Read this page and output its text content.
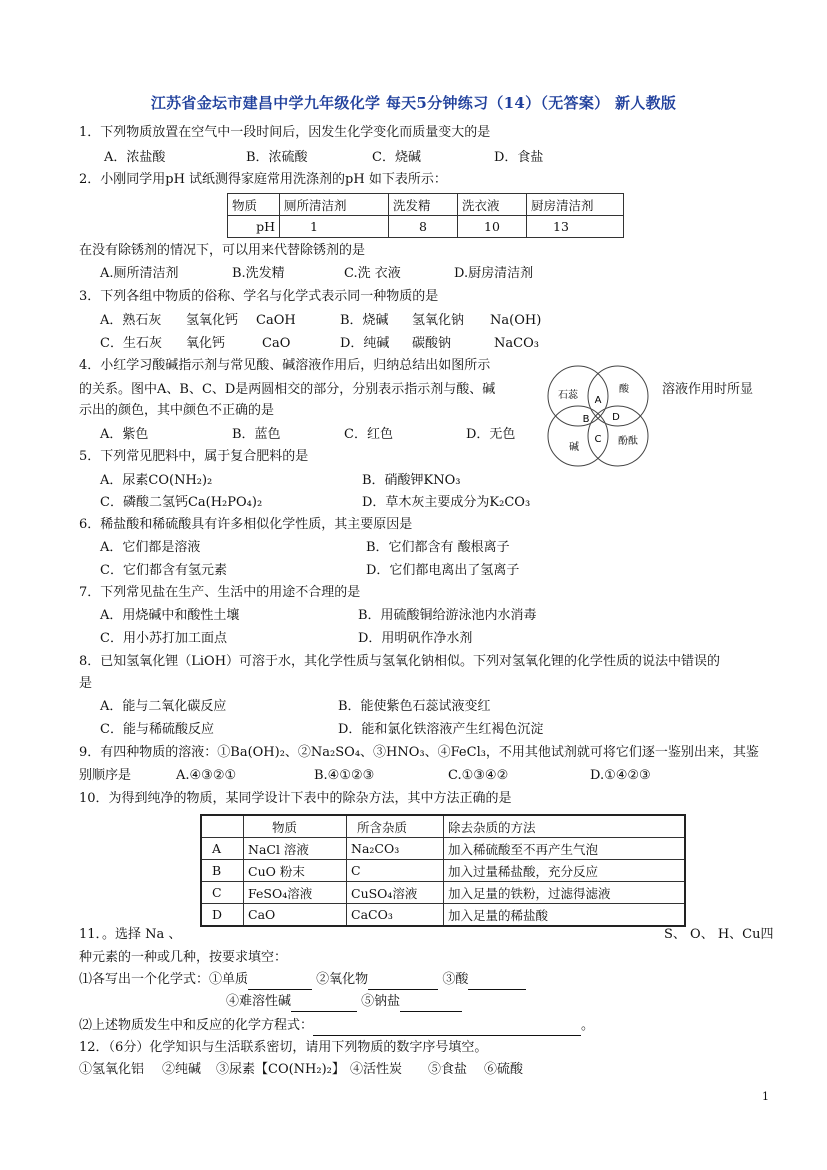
江苏省金坛市建昌中学九年级化学 每天5分钟练习（14）（无答案） 新人教版
1．下列物质放置在空气中一段时间后，因发生化学变化而质量变大的是
A．浓盐酸	B．浓硫酸	C．烧碱	D．食盐
2．小刚同学用pH 试纸测得家庭常用洗涤剂的pH 如下表所示：
物质	厕所清洁剂	洗发精	洗衣液	厨房清洁剂
pH	1	8	10	13
在没有除锈剂的情况下，可以用来代替除锈剂的是
A.厕所清洁剂	B.洗发精	C.洗 衣液	D.厨房清洁剂
3．下列各组中物质的俗称、学名与化学式表示同一种物质的是
A．熟石灰 氢氧化钙 CaOH	B．烧碱 氢氧化钠 Na(OH)
C．生石灰 氧化钙	CaO	D．纯碱 碳酸钠	NaCO₃
4．小红学习酸碱指示剂与常见酸、碱溶液作用后，归纳总结出如图所示
的关系。图中A、B、C、D是两圆相交的部分，分别表示指示剂与酸、碱	溶液作用时所显
示出的颜色，其中颜色不正确的是
A．紫色	B．蓝色	C．红色	D．无色
石蕊
酸
碱
酚酞
A
B
C
D
5．下列常见肥料中，属于复合肥料的是
A．尿素CO(NH₂)₂	B．硝酸钾KNO₃
C．磷酸二氢钙Ca(H₂PO₄)₂	D．草木灰主要成分为K₂CO₃
6．稀盐酸和稀硫酸具有许多相似化学性质，其主要原因是
A．它们都是溶液	B．它们都含有 酸根离子
C．它们都含有氢元素	D．它们都电离出了氢离子
7．下列常见盐在生产、生活中的用途不合理的是
A．用烧碱中和酸性土壤	B．用硫酸铜给游泳池内水消毒
C．用小苏打加工面点	D．用明矾作净水剂
8．已知氢氧化锂（LiOH）可溶于水，其化学性质与氢氧化钠相似。下列对氢氧化锂的化学性质的说法中错误的
是
A．能与二氧化碳反应	B．能使紫色石蕊试液变红
C．能与稀硫酸反应	D．能和氯化铁溶液产生红褐色沉淀
9．有四种物质的溶液：①Ba(OH)₂、②Na₂SO₄、③HNO₃、④FeCl₃，不用其他试剂就可将它们逐一鉴别出来，其鉴
别顺序是	A.④③②①	B.④①②③	C.①③④②	D.①④②③
10．为得到纯净的物质，某同学设计下表中的除杂方法，其中方法正确的是
	物质	所含杂质	除去杂质的方法
A	NaCl 溶液	Na₂CO₃	加入稀硫酸至不再产生气泡
B	CuO 粉末	C	加入过量稀盐酸，充分反应
C	FeSO₄溶液	CuSO₄溶液	加入足量的铁粉，过滤得滤液
D	CaO	CaCO₃	加入足量的稀盐酸
11．。选择 Na 、	S、 O、 H、Cu四
种元素的一种或几种，按要求填空：
⑴各写出一个化学式：①单质	②氧化物	③酸
④难溶性碱	⑤钠盐
⑵上述物质发生中和反应的化学方程式：	。
12．（6分）化学知识与生活联系密切，请用下列物质的数字序号填空。
①氢氧化铝 ②纯碱 ③尿素【CO(NH₂)₂】 ④活性炭 ⑤食盐 ⑥硫酸
1
